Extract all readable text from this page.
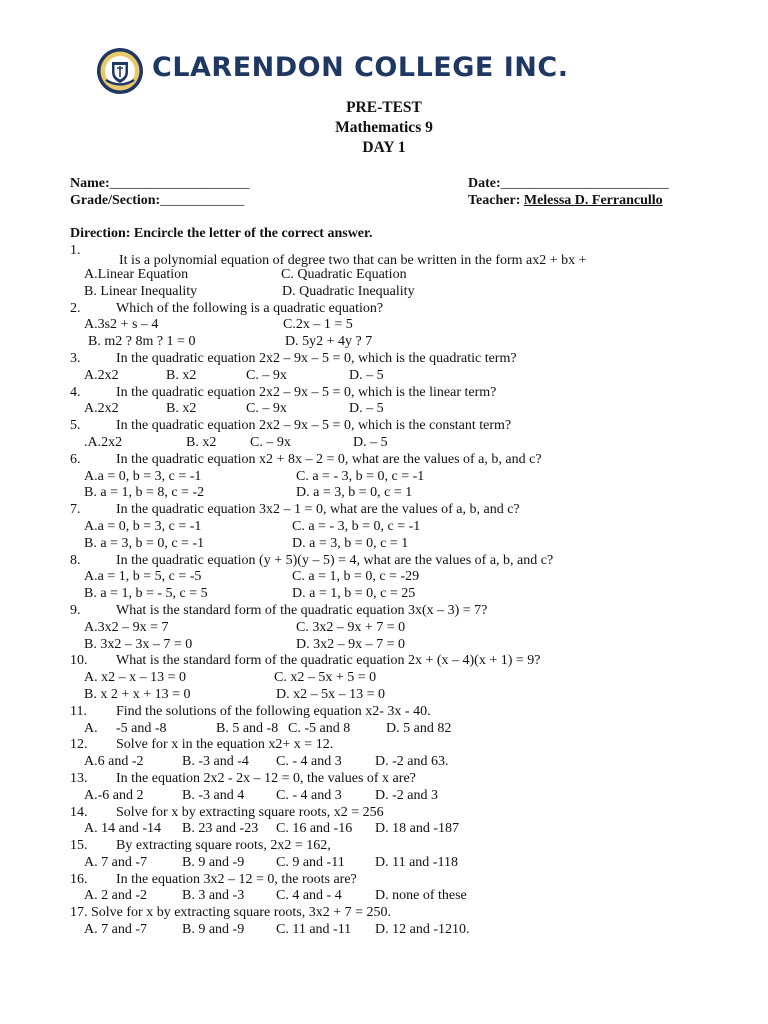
CLARENDON COLLEGE INC.
PRE-TEST
Mathematics 9
DAY 1
Name:____________________	Date:________________________
Grade/Section:____________	Teacher: Melessa D. Ferrancullo
Direction: Encircle the letter of the correct answer.
1.
It is a polynomial equation of degree two that can be written in the form ax2 + bx +
A.Linear Equation	C. Quadratic Equation
B. Linear Inequality	D. Quadratic Inequality
2.	Which of the following is a quadratic equation?
A.3s2 + s – 4	C.2x – 1 = 5
B. m2 ? 8m ? 1 = 0	D. 5y2 + 4y ? 7
3.	In the quadratic equation 2x2 – 9x – 5 = 0, which is the quadratic term?
A.2x2	B. x2	C. – 9x	D. – 5
4.	In the quadratic equation 2x2 – 9x – 5 = 0, which is the linear term?
A.2x2	B. x2	C. – 9x	D. – 5
5.	In the quadratic equation 2x2 – 9x – 5 = 0, which is the constant term?
.A.2x2	B. x2 C. – 9x	D. – 5
6.	In the quadratic equation x2 + 8x – 2 = 0, what are the values of a, b, and c?
A.a = 0, b = 3, c = -1	C. a = - 3, b = 0, c = -1
B. a = 1, b = 8, c = -2	D. a = 3, b = 0, c = 1
7.	In the quadratic equation 3x2 – 1 = 0, what are the values of a, b, and c?
A.a = 0, b = 3, c = -1	C. a = - 3, b = 0, c = -1
B. a = 3, b = 0, c = -1	D. a = 3, b = 0, c = 1
8.	In the quadratic equation (y + 5)(y – 5) = 4, what are the values of a, b, and c?
A.a = 1, b = 5, c = -5	C. a = 1, b = 0, c = -29
B. a = 1, b = - 5, c = 5	D. a = 1, b = 0, c = 25
9.	What is the standard form of the quadratic equation 3x(x – 3) = 7?
A.3x2 – 9x = 7	C. 3x2 – 9x + 7 = 0
B. 3x2 – 3x – 7 = 0	D. 3x2 – 9x – 7 = 0
10. What is the standard form of the quadratic equation 2x + (x – 4)(x + 1) = 9?
A. x2 – x – 13 = 0	C. x2 – 5x + 5 = 0
B. x 2 + x + 13 = 0	D. x2 – 5x – 13 = 0
11. Find the solutions of the following equation x2- 3x - 40.
A. -5 and -8	B. 5 and -8 C. -5 and 8	D. 5 and 82
12. Solve for x in the equation x2+ x = 12.
A.6 and -2	B. -3 and -4 C. - 4 and 3 D. -2 and 63.
13. In the equation 2x2 - 2x – 12 = 0, the values of x are?
A.-6 and 2	B. -3 and 4 C. - 4 and 3 D. -2 and 3
14. Solve for x by extracting square roots, x2 = 256
A. 14 and -14 B. 23 and -23 C. 16 and -16 D. 18 and -187
15. By extracting square roots, 2x2 = 162,
A. 7 and -7	B. 9 and -9 C. 9 and -11 D. 11 and -118
16. In the equation 3x2 – 12 = 0, the roots are?
A. 2 and -2	B. 3 and -3 C. 4 and - 4 D. none of these
17. Solve for x by extracting square roots, 3x2 + 7 = 250.
A. 7 and -7	B. 9 and -9 C. 11 and -11 D. 12 and -1210.
